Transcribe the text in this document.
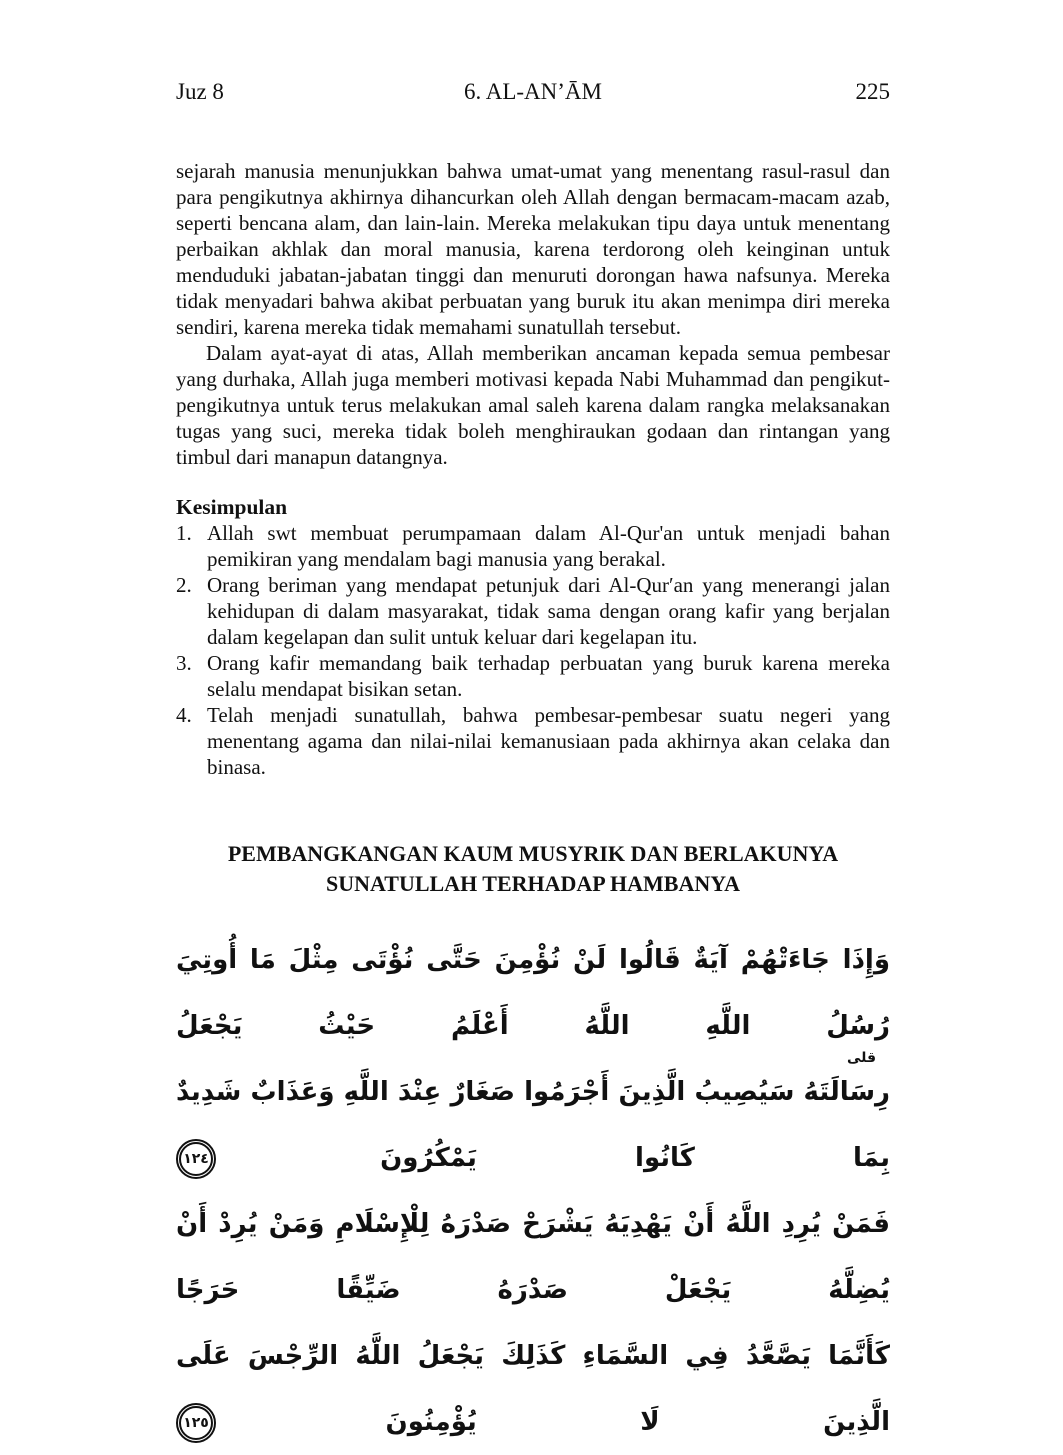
Juz 8	6. AL-AN’ĀM	225

sejarah manusia menunjukkan bahwa umat-umat yang menentang rasul-rasul dan para pengikutnya akhirnya dihancurkan oleh Allah dengan bermacam-macam azab, seperti bencana alam, dan lain-lain. Mereka melakukan tipu daya untuk menentang perbaikan akhlak dan moral manusia, karena terdorong oleh keinginan untuk menduduki jabatan-jabatan tinggi dan menuruti dorongan hawa nafsunya. Mereka tidak menyadari bahwa akibat perbuatan yang buruk itu akan menimpa diri mereka sendiri, karena mereka tidak memahami sunatullah tersebut.

Dalam ayat-ayat di atas, Allah memberikan ancaman kepada semua pembesar yang durhaka, Allah juga memberi motivasi kepada Nabi Muhammad dan pengikut-pengikutnya untuk terus melakukan amal saleh karena dalam rangka melaksanakan tugas yang suci, mereka tidak boleh menghiraukan godaan dan rintangan yang timbul dari manapun datangnya.

Kesimpulan
1. Allah swt membuat perumpamaan dalam Al-Qur'an untuk menjadi bahan pemikiran yang mendalam bagi manusia yang berakal.
2. Orang beriman yang mendapat petunjuk dari Al-Qur′an yang menerangi jalan kehidupan di dalam masyarakat, tidak sama dengan orang kafir yang berjalan dalam kegelapan dan sulit untuk keluar dari kegelapan itu.
3. Orang kafir memandang baik terhadap perbuatan yang buruk karena mereka selalu mendapat bisikan setan.
4. Telah menjadi sunatullah, bahwa pembesar-pembesar suatu negeri yang menentang agama dan nilai-nilai kemanusiaan pada akhirnya akan celaka dan binasa.
PEMBANGKANGAN KAUM MUSYRIK DAN BERLAKUNYA
SUNATULLAH TERHADAP HAMBANYA
وَإِذَا جَاءَتْهُمْ آيَةٌ قَالُوا لَنْ نُؤْمِنَ حَتَّى نُؤْتَى مِثْلَ مَا أُوتِيَ رُسُلُ اللَّهِ اللَّهُ أَعْلَمُ حَيْثُ يَجْعَلُ
قلى
رِسَالَتَهُ سَيُصِيبُ الَّذِينَ أَجْرَمُوا صَغَارٌ عِنْدَ اللَّهِ وَعَذَابٌ شَدِيدٌ بِمَا كَانُوا يَمْكُرُونَ ١٢٤
فَمَنْ يُرِدِ اللَّهُ أَنْ يَهْدِيَهُ يَشْرَحْ صَدْرَهُ لِلْإِسْلَامِ وَمَنْ يُرِدْ أَنْ يُضِلَّهُ يَجْعَلْ صَدْرَهُ ضَيِّقًا حَرَجًا
كَأَنَّمَا يَصَّعَّدُ فِي السَّمَاءِ كَذَلِكَ يَجْعَلُ اللَّهُ الرِّجْسَ عَلَى الَّذِينَ لَا يُؤْمِنُونَ ١٢٥
